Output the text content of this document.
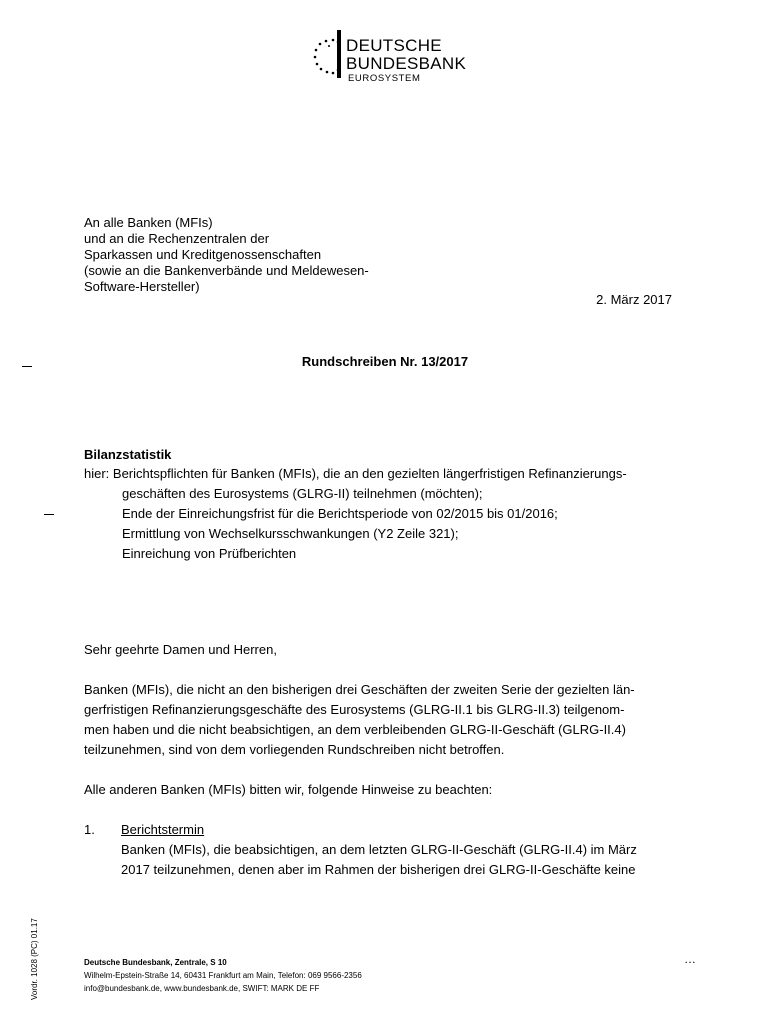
DEUTSCHE
BUNDESBANK
EUROSYSTEM
An alle Banken (MFIs)
und an die Rechenzentralen der
Sparkassen und Kreditgenossenschaften
(sowie an die Bankenverbände und Meldewesen-
Software-Hersteller)
2. März 2017
Rundschreiben Nr. 13/2017
Bilanzstatistik
hier: Berichtspflichten für Banken (MFIs), die an den gezielten längerfristigen Refinanzierungs-
geschäften des Eurosystems (GLRG-II) teilnehmen (möchten);
Ende der Einreichungsfrist für die Berichtsperiode von 02/2015 bis 01/2016;
Ermittlung von Wechselkursschwankungen (Y2 Zeile 321);
Einreichung von Prüfberichten
Sehr geehrte Damen und Herren,
Banken (MFIs), die nicht an den bisherigen drei Geschäften der zweiten Serie der gezielten län-
gerfristigen Refinanzierungsgeschäfte des Eurosystems (GLRG-II.1 bis GLRG-II.3) teilgenom-
men haben und die nicht beabsichtigen, an dem verbleibenden GLRG-II-Geschäft (GLRG-II.4)
teilzunehmen, sind von dem vorliegenden Rundschreiben nicht betroffen.
Alle anderen Banken (MFIs) bitten wir, folgende Hinweise zu beachten:
1. Berichtstermin
Banken (MFIs), die beabsichtigen, an dem letzten GLRG-II-Geschäft (GLRG-II.4) im März
2017 teilzunehmen, denen aber im Rahmen der bisherigen drei GLRG-II-Geschäfte keine
Vordr. 1028 (PC) 01.17	Deutsche Bundesbank, Zentrale, S 10
Wilhelm-Epstein-Straße 14, 60431 Frankfurt am Main, Telefon: 069 9566-2356
info@bundesbank.de, www.bundesbank.de, SWIFT: MARK DE FF
…
